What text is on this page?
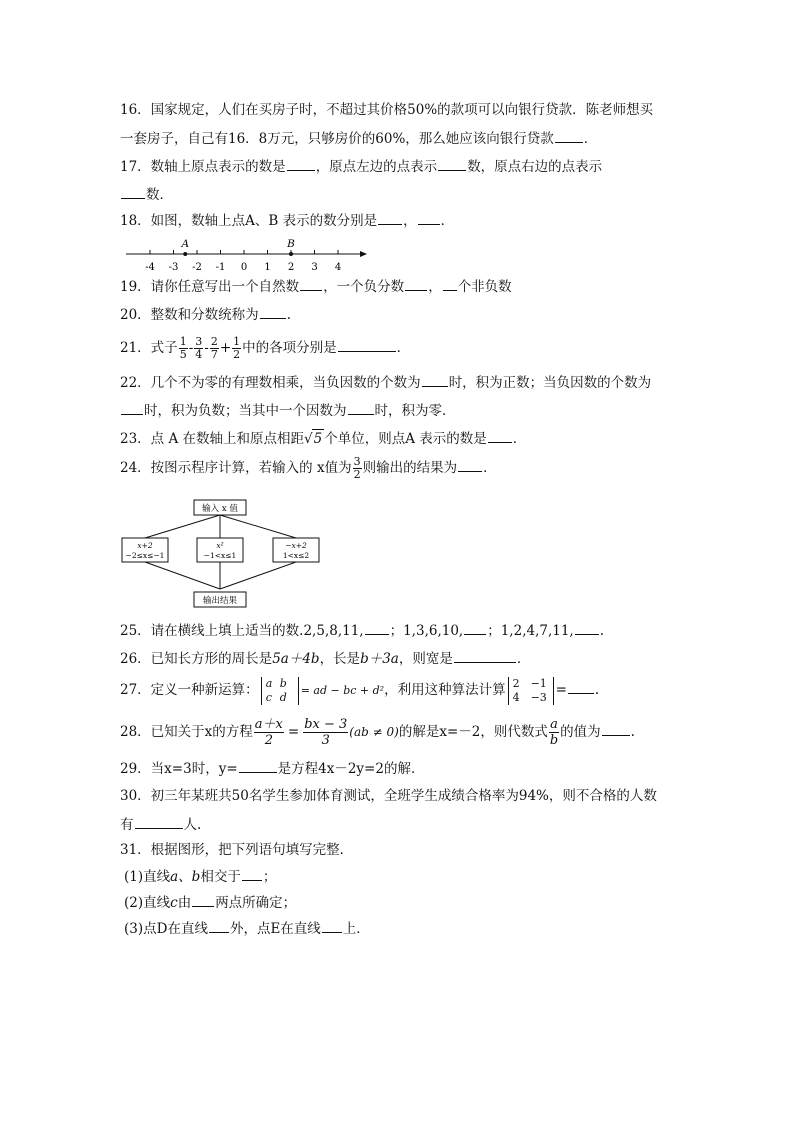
16．国家规定，人们在买房子时，不超过其价格50%的款项可以向银行贷款．陈老师想买
一套房子，自己有16．8万元，只够房价的60%，那么她应该向银行贷款 ．
17．数轴上原点表示的数是 ，原点左边的点表示 数，原点右边的点表示
数．
18．如图，数轴上点A、B 表示的数分别是 ， ．
-4 -3 -2 -1 0 1 2 3 4
A	B
19．请你任意写出一个自然数 ，一个负分数 ， 个非负数
20．整数和分数统称为 .
21．式子 $\frac{1}{5} - \frac{3}{4} - \frac{2}{7} + \frac{1}{2}$ 中的各项分别是	．
22．几个不为零的有理数相乘，当负因数的个数为 时，积为正数；当负因数的个数为
时，积为负数；当其中一个因数为 时，积为零．
23．点 A 在数轴上和原点相距√5 个单位，则点A 表示的数是 ．
24．按图示程序计算，若输入的 x值为 $\frac{3}{2}$ 则输出的结果为 ．
输入 x 值
x+2
−2≤x≤−1
x²
−1<x≤1
−x+2
1<x≤2
输出结果
25．请在横线上填上适当的数.2,5,8,11, ；1,3,6,10, ；1,2,4,7,11, .
26．已知长方形的周长是5a＋4b，长是b＋3a，则宽是	．
27．定义一种新运算： a b
c d = ad − bc + d²，利用这种算法计算 2 −1
4 −3 = .
28．已知关于x的方程 $\frac{a+x}{2} = \frac{bx - 3}{3} (ab \ne 0)$的解是x=－2，则代数式 $\frac{a}{b}$ 的值为 .
29．当x=3时，y=	是方程4x－2y=2的解．
30．初三年某班共50名学生参加体育测试，全班学生成绩合格率为94%，则不合格的人数
有	人.
31．根据图形，把下列语句填写完整．
(1)直线a、b相交于 ；
(2)直线c由 两点所确定；
(3)点D在直线 外，点E在直线 上．
